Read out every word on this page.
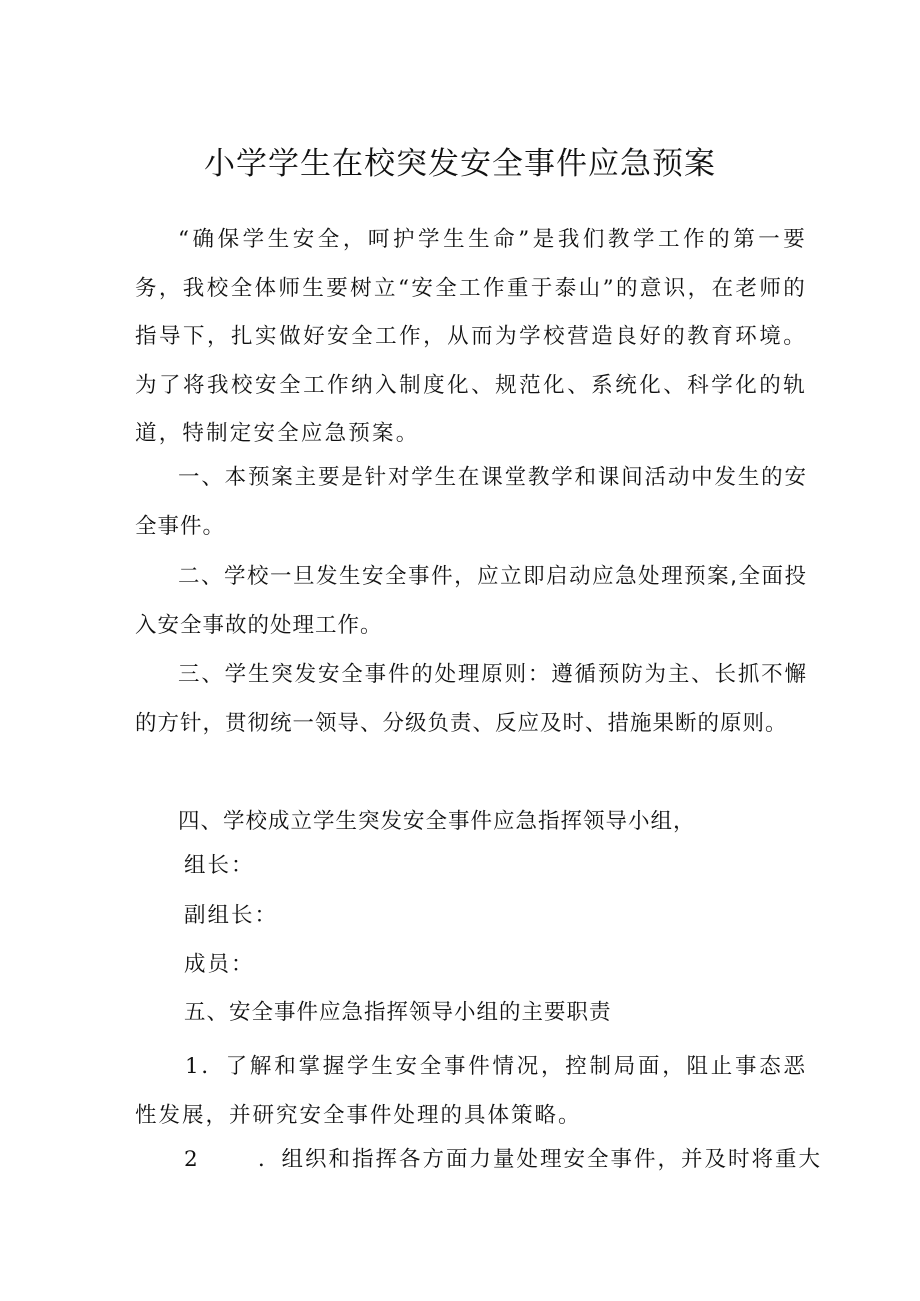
小学学生在校突发安全事件应急预案
“确保学生安全，呵护学生生命”是我们教学工作的第一要务，我校全体师生要树立“安全工作重于泰山”的意识，在老师的指导下，扎实做好安全工作，从而为学校营造良好的教育环境。为了将我校安全工作纳入制度化、规范化、系统化、科学化的轨道，特制定安全应急预案。
一、本预案主要是针对学生在课堂教学和课间活动中发生的安全事件。
二、学校一旦发生安全事件，应立即启动应急处理预案,全面投入安全事故的处理工作。
三、学生突发安全事件的处理原则：遵循预防为主、长抓不懈的方针，贯彻统一领导、分级负责、反应及时、措施果断的原则。
四、学校成立学生突发安全事件应急指挥领导小组，
组长：
副组长：
成员：
五、安全事件应急指挥领导小组的主要职责
1．了解和掌握学生安全事件情况，控制局面，阻止事态恶性发展，并研究安全事件处理的具体策略。
2	．组织和指挥各方面力量处理安全事件，并及时将重大
